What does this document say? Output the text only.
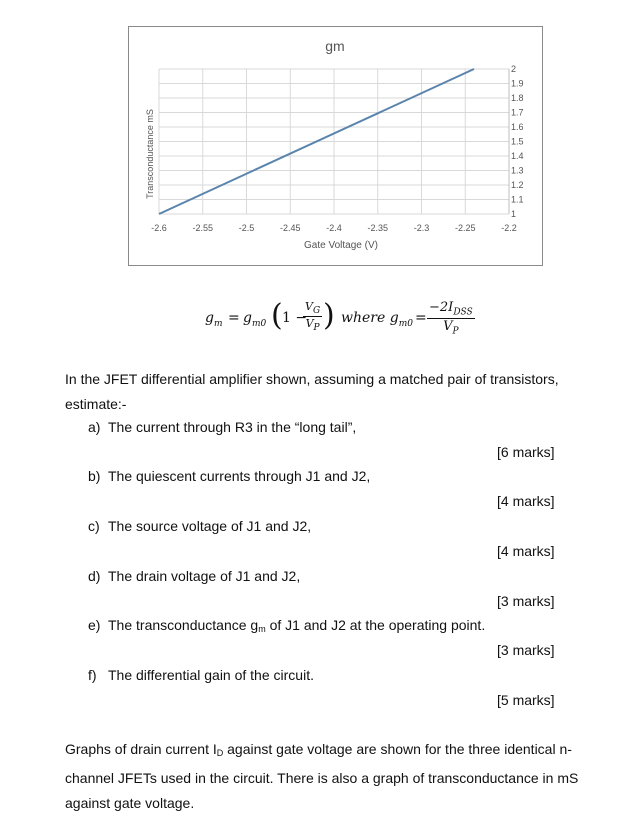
-2.6	-2.55	-2.5	-2.45	-2.4	-2.35	-2.3	-2.25	-2.2
1
1.1
1.2
1.3
1.4
1.5
1.6
1.7
1.8
1.9
2
gm
Gate Voltage (V)
Transconductance mS
$g_m = g_{m0}$ ( 1 −
$\frac{V_G}{V_P}$ ) where $g_{m0}$ =
$-2I_{DSS}$
$V_P$
In the JFET differential amplifier shown, assuming a matched pair of transistors, estimate:-
a) The current through R3 in the “long tail”,
[6 marks]
b) The quiescent currents through J1 and J2,
[4 marks]
c) The source voltage of J1 and J2,
[4 marks]
d) The drain voltage of J1 and J2,
[3 marks]
e) The transconductance gm of J1 and J2 at the operating point.
[3 marks]
f) The differential gain of the circuit.
[5 marks]
Graphs of drain current ID against gate voltage are shown for the three identical n-channel JFETs used in the circuit. There is also a graph of transconductance in mS against gate voltage.
